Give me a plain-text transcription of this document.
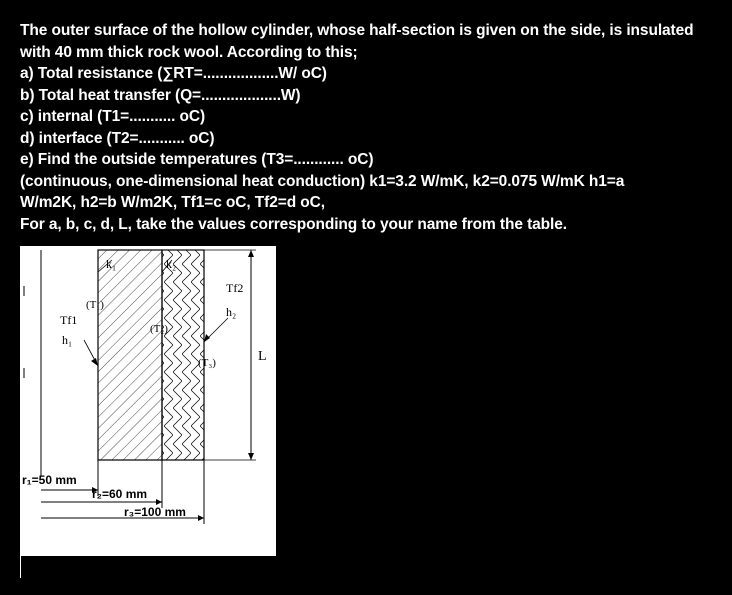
The outer surface of the hollow cylinder, whose half-section is given on the side, is insulated
with 40 mm thick rock wool. According to this;
a) Total resistance (∑RT=..................W/ oC)
b) Total heat transfer (Q=...................W)
c) internal (T1=........... oC)
d) interface (T2=........... oC)
e) Find the outside temperatures (T3=............ oC)
(continuous, one-dimensional heat conduction) k1=3.2 W/mK, k2=0.075 W/mK h1=a
W/m2K, h2=b W/m2K, Tf1=c oC, Tf2=d oC,
For a, b, c, d, L, take the values corresponding to your name from the table.
k₁	k₂
(T₁)
(T₂)
(T₃)
Tf1
h₁
Tf2
h₂
L
r₁=50 mm
r₂=60 mm
r₃=100 mm
